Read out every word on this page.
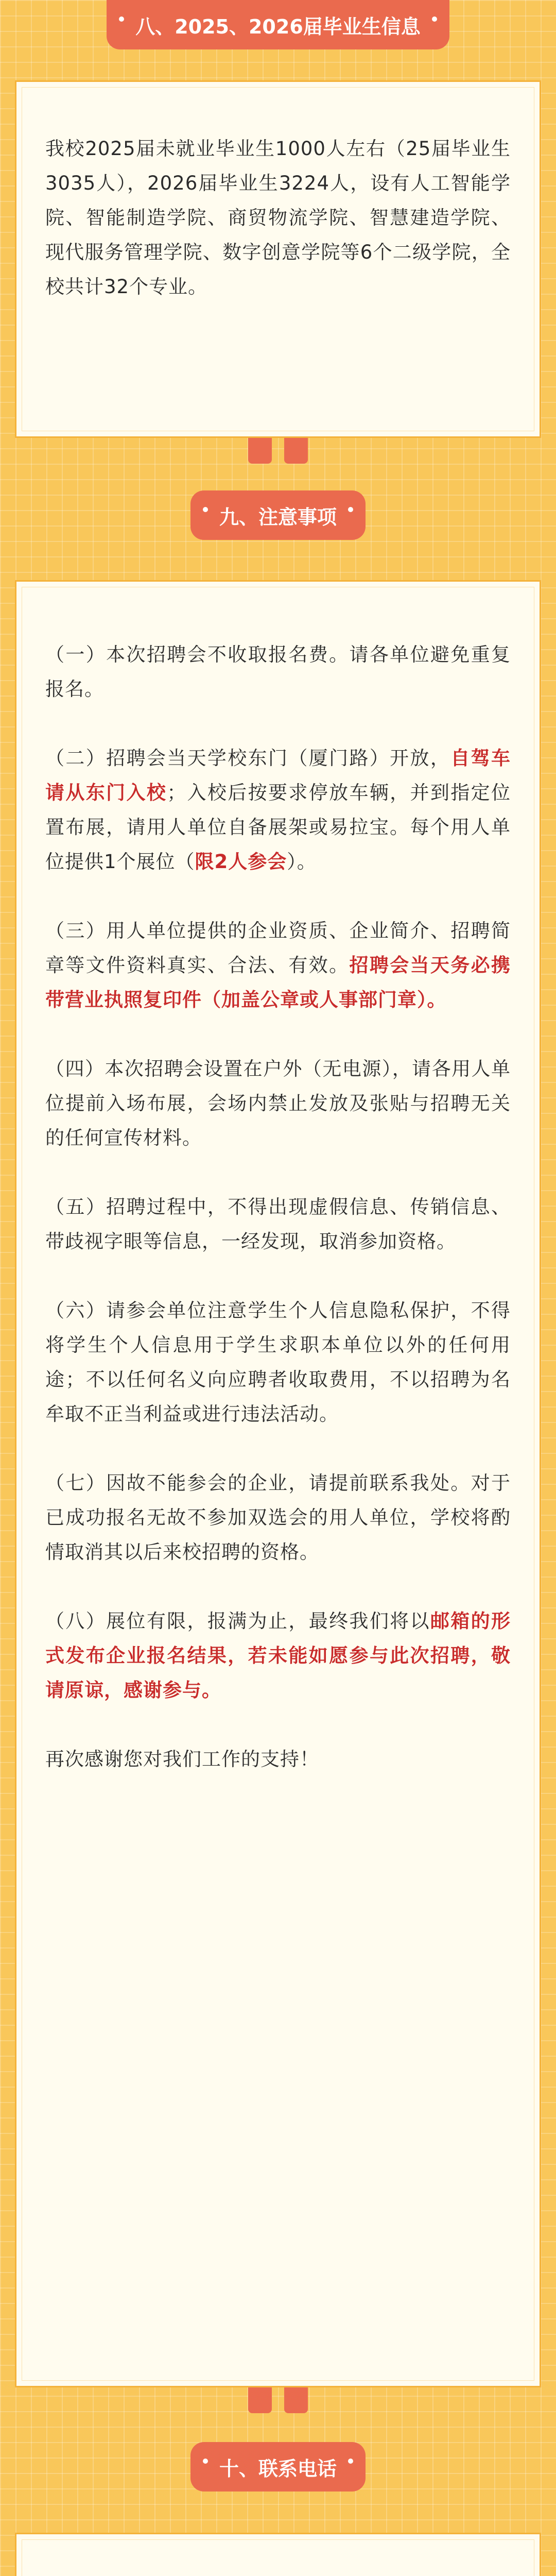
八、2025、2026届毕业生信息

我校2025届未就业毕业生1000人左右（25届毕业生3035人），2026届毕业生3224人，设有人工智能学院、智能制造学院、商贸物流学院、智慧建造学院、现代服务管理学院、数字创意学院等6个二级学院，全校共计32个专业。

九、注意事项

（一）本次招聘会不收取报名费。请各单位避免重复报名。

（二）招聘会当天学校东门（厦门路）开放，自驾车请从东门入校；入校后按要求停放车辆，并到指定位置布展，请用人单位自备展架或易拉宝。每个用人单位提供1个展位（限2人参会）。

（三）用人单位提供的企业资质、企业简介、招聘简章等文件资料真实、合法、有效。招聘会当天务必携带营业执照复印件（加盖公章或人事部门章）。

（四）本次招聘会设置在户外（无电源），请各用人单位提前入场布展，会场内禁止发放及张贴与招聘无关的任何宣传材料。

（五）招聘过程中，不得出现虚假信息、传销信息、带歧视字眼等信息，一经发现，取消参加资格。

（六）请参会单位注意学生个人信息隐私保护，不得将学生个人信息用于学生求职本单位以外的任何用途；不以任何名义向应聘者收取费用，不以招聘为名牟取不正当利益或进行违法活动。

（七）因故不能参会的企业，请提前联系我处。对于已成功报名无故不参加双选会的用人单位，学校将酌情取消其以后来校招聘的资格。

（八）展位有限，报满为止，最终我们将以邮箱的形式发布企业报名结果，若未能如愿参与此次招聘，敬请原谅，感谢参与。

再次感谢您对我们工作的支持！

十、联系电话
